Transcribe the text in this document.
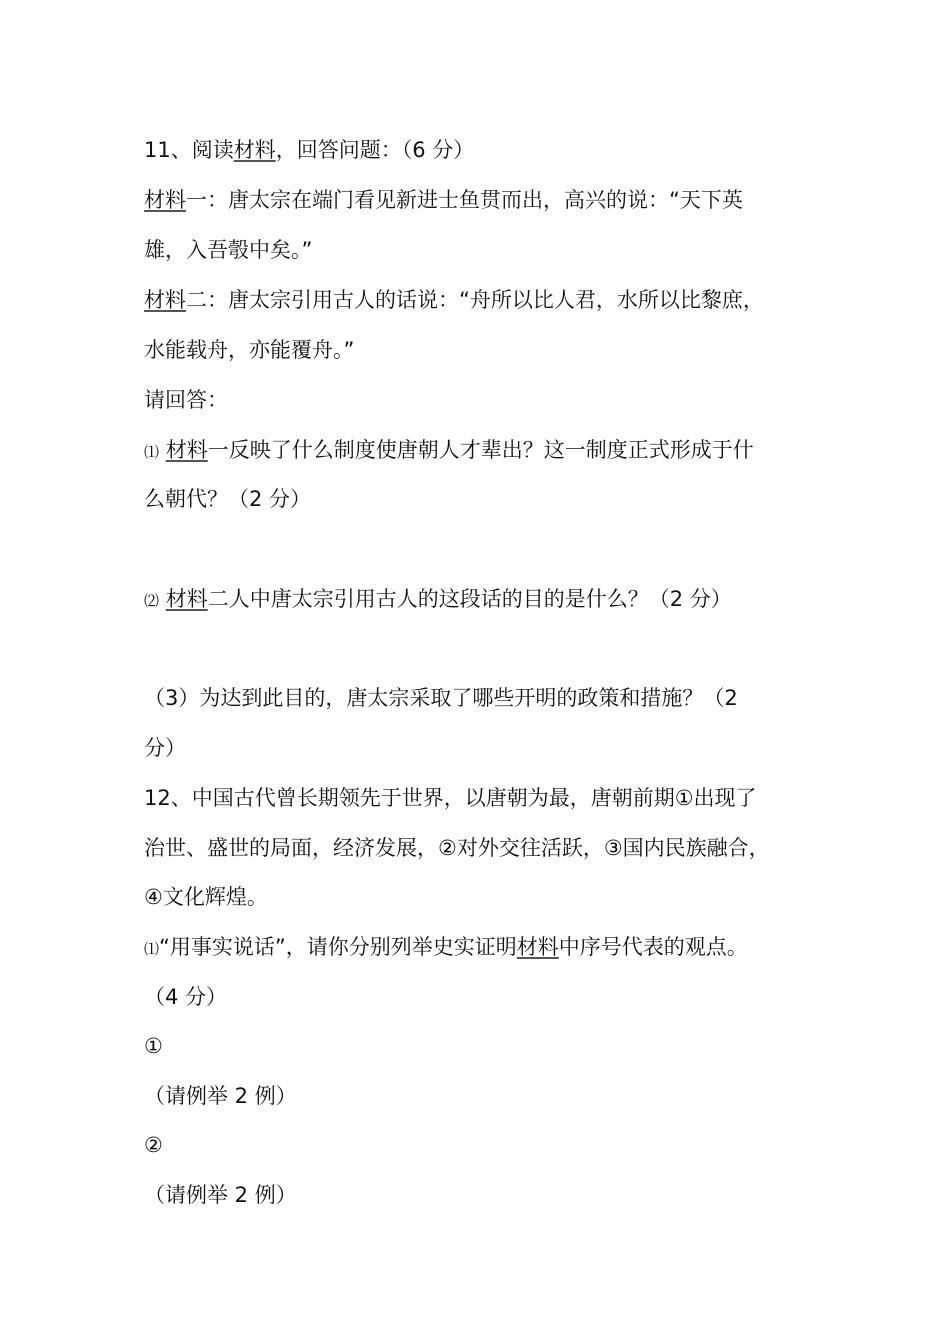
11、阅读材料，回答问题：（6 分）
材料一：唐太宗在端门看见新进士鱼贯而出，高兴的说：“天下英
雄，入吾彀中矣。”
材料二：唐太宗引用古人的话说：“舟所以比人君，水所以比黎庶，
水能载舟，亦能覆舟。”
请回答：
⑴ 材料一反映了什么制度使唐朝人才辈出？这一制度正式形成于什
么朝代？（2 分）
⑵ 材料二人中唐太宗引用古人的这段话的目的是什么？（2 分）
（3）为达到此目的，唐太宗采取了哪些开明的政策和措施？（2
分）
12、中国古代曾长期领先于世界，以唐朝为最，唐朝前期①出现了
治世、盛世的局面，经济发展，②对外交往活跃，③国内民族融合，
④文化辉煌。
⑴“用事实说话”，请你分别列举史实证明材料中序号代表的观点。
（4 分）
①
（请例举 2 例）
②
（请例举 2 例）
